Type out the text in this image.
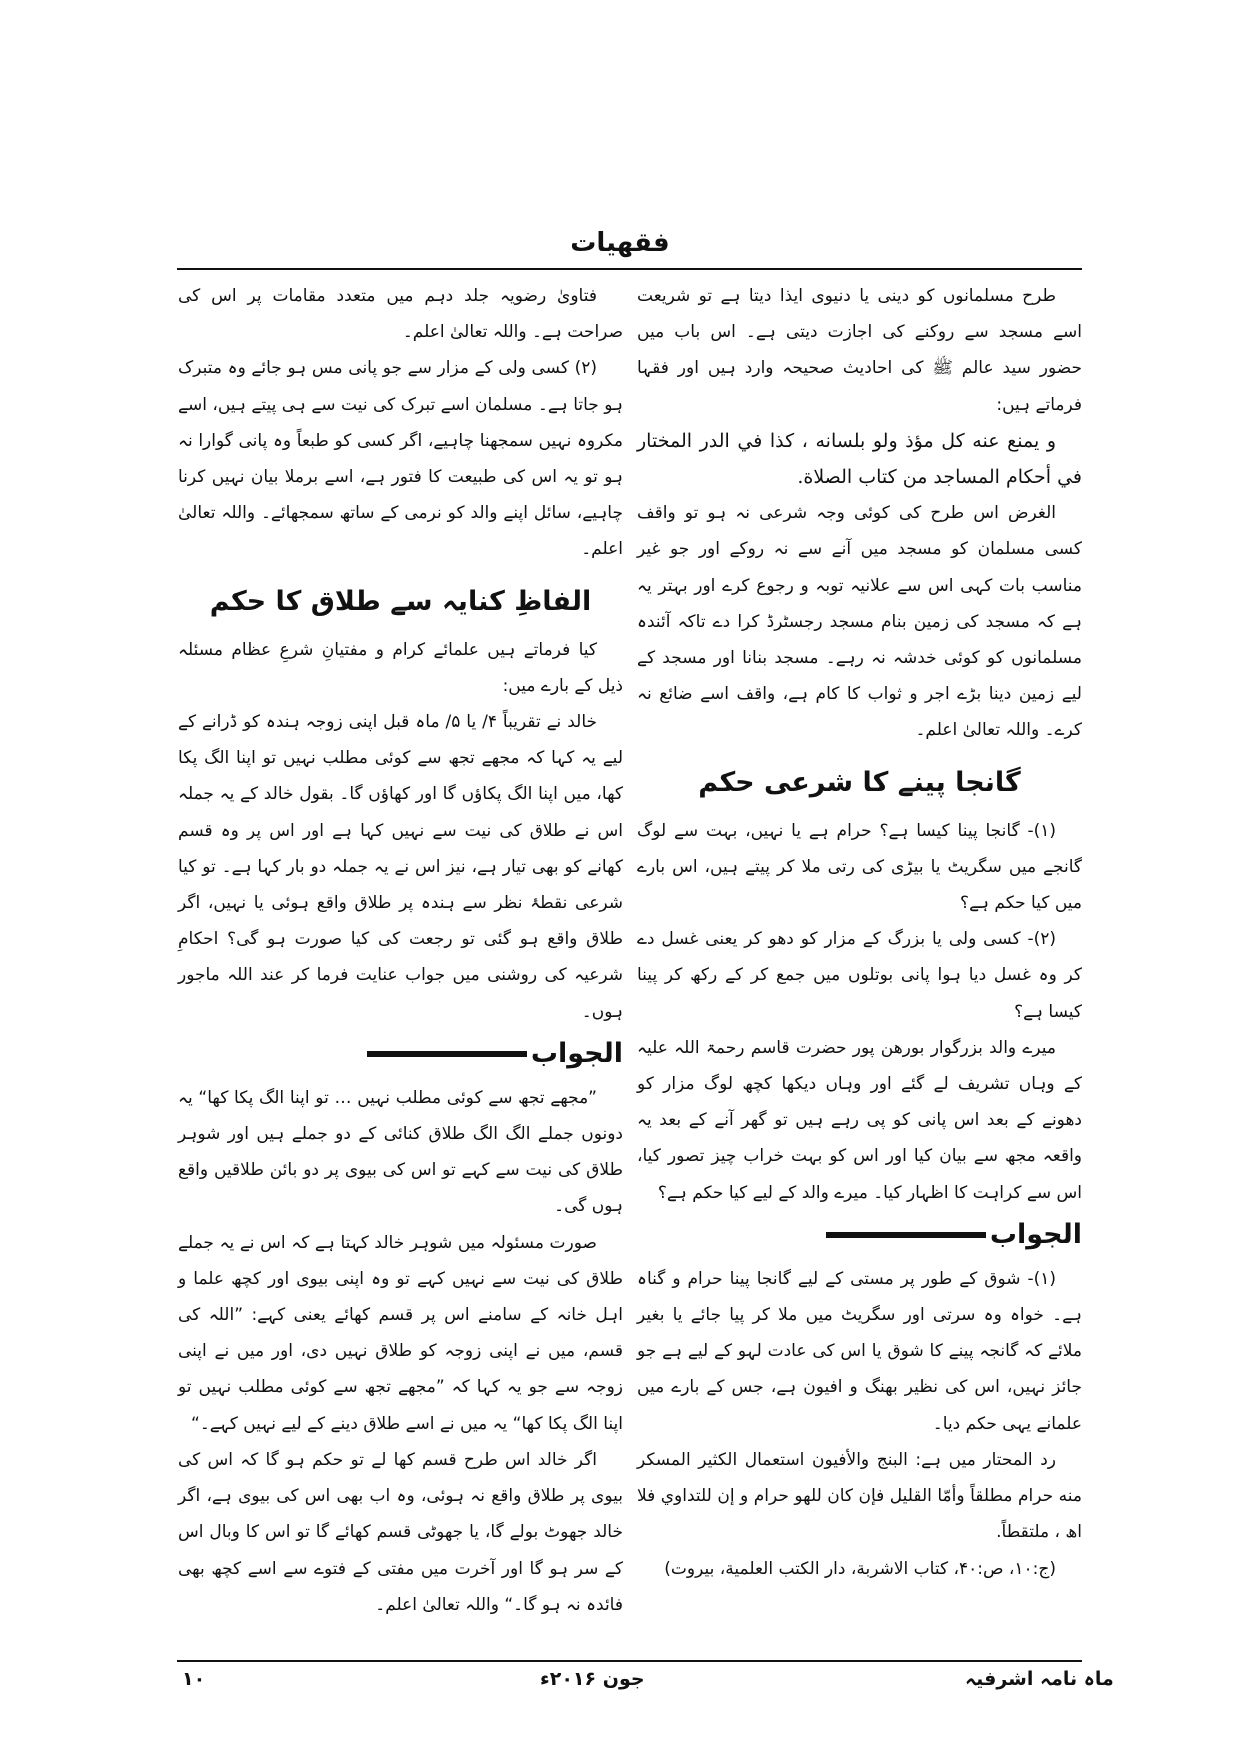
فقهيات

طرح مسلمانوں کو دینی یا دنیوی ایذا دیتا ہے تو شریعت اسے مسجد سے روکنے کی اجازت دیتی ہے۔ اس باب میں حضور سید عالم ﷺ کی احادیث صحیحہ وارد ہیں اور فقہا فرماتے ہیں:

و يمنع عنه كل مؤذ ولو بلسانه ، كذا في الدر المختار في أحكام المساجد من كتاب الصلاة.

الغرض اس طرح کی کوئی وجہ شرعی نہ ہو تو واقف کسی مسلمان کو مسجد میں آنے سے نہ روکے اور جو غیر مناسب بات کہی اس سے علانیہ توبہ و رجوع کرے اور بہتر یہ ہے کہ مسجد کی زمین بنام مسجد رجسٹرڈ کرا دے تاکہ آئندہ مسلمانوں کو کوئی خدشہ نہ رہے۔ مسجد بنانا اور مسجد کے لیے زمین دینا بڑے اجر و ثواب کا کام ہے، واقف اسے ضائع نہ کرے۔ واللہ تعالیٰ اعلم۔

گانجا پینے کا شرعی حکم

(۱)- گانجا پینا کیسا ہے؟ حرام ہے یا نہیں، بہت سے لوگ گانجے میں سگریٹ یا بیڑی کی رتی ملا کر پیتے ہیں، اس بارے میں کیا حکم ہے؟

(۲)- کسی ولی یا بزرگ کے مزار کو دھو کر یعنی غسل دے کر وہ غسل دیا ہوا پانی بوتلوں میں جمع کر کے رکھ کر پینا کیسا ہے؟

میرے والد بزرگوار بورھن پور حضرت قاسم رحمۃ اللہ علیہ کے وہاں تشریف لے گئے اور وہاں دیکھا کچھ لوگ مزار کو دھونے کے بعد اس پانی کو پی رہے ہیں تو گھر آنے کے بعد یہ واقعہ مجھ سے بیان کیا اور اس کو بہت خراب چیز تصور کیا، اس سے کراہت کا اظہار کیا۔ میرے والد کے لیے کیا حکم ہے؟

الجواب

(۱)- شوق کے طور پر مستی کے لیے گانجا پینا حرام و گناہ ہے۔ خواہ وہ سرتی اور سگریٹ میں ملا کر پیا جائے یا بغیر ملائے کہ گانجہ پینے کا شوق یا اس کی عادت لہو کے لیے ہے جو جائز نہیں، اس کی نظیر بھنگ و افیون ہے، جس کے بارے میں علمانے یہی حکم دیا۔

رد المحتار میں ہے: البنج والأفيون استعمال الكثير المسكر منه حرام مطلقاً وأمّا القليل فإن كان للهو حرام و إن للتداوي فلا اھ ، ملتقطاً.

(ج:۱۰، ص:۴۰، کتاب الاشربة، دار الکتب العلمیة، بیروت)

فتاویٰ رضویہ جلد دہم میں متعدد مقامات پر اس کی صراحت ہے۔ واللہ تعالیٰ اعلم۔

(۲) کسی ولی کے مزار سے جو پانی مس ہو جائے وہ متبرک ہو جاتا ہے۔ مسلمان اسے تبرک کی نیت سے ہی پیتے ہیں، اسے مکروہ نہیں سمجھنا چاہیے، اگر کسی کو طبعاً وہ پانی گوارا نہ ہو تو یہ اس کی طبیعت کا فتور ہے، اسے برملا بیان نہیں کرنا چاہیے، سائل اپنے والد کو نرمی کے ساتھ سمجھائے۔ واللہ تعالیٰ اعلم۔

الفاظِ کنایہ سے طلاق کا حکم

کیا فرماتے ہیں علمائے کرام و مفتیانِ شرعِ عظام مسئلہ ذیل کے بارے میں:

خالد نے تقریباً ۴/ یا ۵/ ماہ قبل اپنی زوجہ ہندہ کو ڈرانے کے لیے یہ کہا کہ مجھے تجھ سے کوئی مطلب نہیں تو اپنا الگ پکا کھا، میں اپنا الگ پکاؤں گا اور کھاؤں گا۔ بقول خالد کے یہ جملہ اس نے طلاق کی نیت سے نہیں کہا ہے اور اس پر وہ قسم کھانے کو بھی تیار ہے، نیز اس نے یہ جملہ دو بار کہا ہے۔ تو کیا شرعی نقطۂ نظر سے ہندہ پر طلاق واقع ہوئی یا نہیں، اگر طلاق واقع ہو گئی تو رجعت کی کیا صورت ہو گی؟ احکامِ شرعیہ کی روشنی میں جواب عنایت فرما کر عند اللہ ماجور ہوں۔

الجواب

”مجھے تجھ سے کوئی مطلب نہیں … تو اپنا الگ پکا کھا“ یہ دونوں جملے الگ الگ طلاق کنائی کے دو جملے ہیں اور شوہر طلاق کی نیت سے کہے تو اس کی بیوی پر دو بائن طلاقیں واقع ہوں گی۔

صورت مسئولہ میں شوہر خالد کہتا ہے کہ اس نے یہ جملے طلاق کی نیت سے نہیں کہے تو وہ اپنی بیوی اور کچھ علما و اہل خانہ کے سامنے اس پر قسم کھائے یعنی کہے: ”اللہ کی قسم، میں نے اپنی زوجہ کو طلاق نہیں دی، اور میں نے اپنی زوجہ سے جو یہ کہا کہ ”مجھے تجھ سے کوئی مطلب نہیں تو اپنا الگ پکا کھا“ یہ میں نے اسے طلاق دینے کے لیے نہیں کہے۔“

اگر خالد اس طرح قسم کھا لے تو حکم ہو گا کہ اس کی بیوی پر طلاق واقع نہ ہوئی، وہ اب بھی اس کی بیوی ہے، اگر خالد جھوٹ بولے گا، یا جھوٹی قسم کھائے گا تو اس کا وبال اس کے سر ہو گا اور آخرت میں مفتی کے فتوے سے اسے کچھ بھی فائدہ نہ ہو گا۔“ واللہ تعالیٰ اعلم۔

ماہ نامہ اشرفیہ
جون ۲۰۱۶ء
۱۰
